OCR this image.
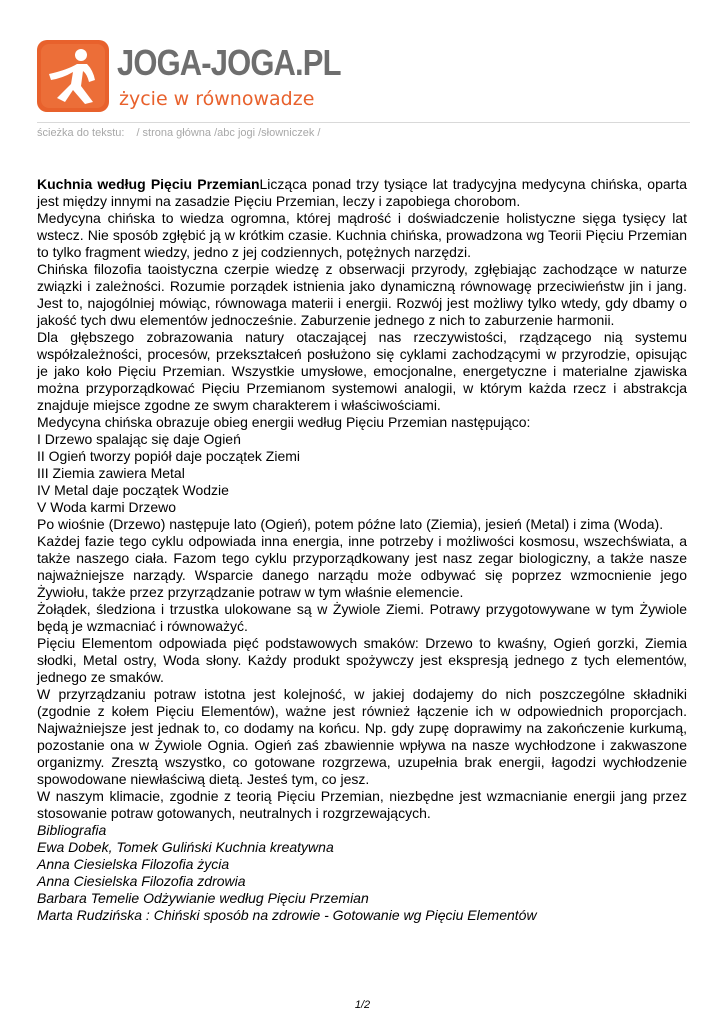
JOGA-JOGA.PL
życie w równowadze
ścieżka do tekstu: / strona główna /abc jogi /słowniczek /

Kuchnia według Pięciu PrzemianLicząca ponad trzy tysiące lat tradycyjna medycyna chińska, oparta jest między innymi na zasadzie Pięciu Przemian, leczy i zapobiega chorobom.

Medycyna chińska to wiedza ogromna, której mądrość i doświadczenie holistyczne sięga tysięcy lat wstecz. Nie sposób zgłębić ją w krótkim czasie. Kuchnia chińska, prowadzona wg Teorii Pięciu Przemian to tylko fragment wiedzy, jedno z jej codziennych, potężnych narzędzi.

Chińska filozofia taoistyczna czerpie wiedzę z obserwacji przyrody, zgłębiając zachodzące w naturze związki i zależności. Rozumie porządek istnienia jako dynamiczną równowagę przeciwieństw jin i jang. Jest to, najogólniej mówiąc, równowaga materii i energii. Rozwój jest możliwy tylko wtedy, gdy dbamy o jakość tych dwu elementów jednocześnie. Zaburzenie jednego z nich to zaburzenie harmonii.

Dla głębszego zobrazowania natury otaczającej nas rzeczywistości, rządzącego nią systemu współzależności, procesów, przekształceń posłużono się cyklami zachodzącymi w przyrodzie, opisując je jako koło Pięciu Przemian. Wszystkie umysłowe, emocjonalne, energetyczne i materialne zjawiska można przyporządkować Pięciu Przemianom systemowi analogii, w którym każda rzecz i abstrakcja znajduje miejsce zgodne ze swym charakterem i właściwościami.

Medycyna chińska obrazuje obieg energii według Pięciu Przemian następująco:

I Drzewo spalając się daje Ogień
II Ogień tworzy popiół daje początek Ziemi
III Ziemia zawiera Metal
IV Metal daje początek Wodzie
V Woda karmi Drzewo

Po wiośnie (Drzewo) następuje lato (Ogień), potem późne lato (Ziemia), jesień (Metal) i zima (Woda).

Każdej fazie tego cyklu odpowiada inna energia, inne potrzeby i możliwości kosmosu, wszechświata, a także naszego ciała. Fazom tego cyklu przyporządkowany jest nasz zegar biologiczny, a także nasze najważniejsze narządy. Wsparcie danego narządu może odbywać się poprzez wzmocnienie jego Żywiołu, także przez przyrządzanie potraw w tym właśnie elemencie.

Żołądek, śledziona i trzustka ulokowane są w Żywiole Ziemi. Potrawy przygotowywane w tym Żywiole będą je wzmacniać i równoważyć.

Pięciu Elementom odpowiada pięć podstawowych smaków: Drzewo to kwaśny, Ogień gorzki, Ziemia słodki, Metal ostry, Woda słony. Każdy produkt spożywczy jest ekspresją jednego z tych elementów, jednego ze smaków.

W przyrządzaniu potraw istotna jest kolejność, w jakiej dodajemy do nich poszczególne składniki (zgodnie z kołem Pięciu Elementów), ważne jest również łączenie ich w odpowiednich proporcjach. Najważniejsze jest jednak to, co dodamy na końcu. Np. gdy zupę doprawimy na zakończenie kurkumą, pozostanie ona w Żywiole Ognia. Ogień zaś zbawiennie wpływa na nasze wychłodzone i zakwaszone organizmy. Zresztą wszystko, co gotowane rozgrzewa, uzupełnia brak energii, łagodzi wychłodzenie spowodowane niewłaściwą dietą. Jesteś tym, co jesz.

W naszym klimacie, zgodnie z teorią Pięciu Przemian, niezbędne jest wzmacnianie energii jang przez stosowanie potraw gotowanych, neutralnych i rozgrzewających.

Bibliografia
Ewa Dobek, Tomek Guliński Kuchnia kreatywna
Anna Ciesielska Filozofia życia
Anna Ciesielska Filozofia zdrowia
Barbara Temelie Odżywianie według Pięciu Przemian
Marta Rudzińska : Chiński sposób na zdrowie - Gotowanie wg Pięciu Elementów
1/2
